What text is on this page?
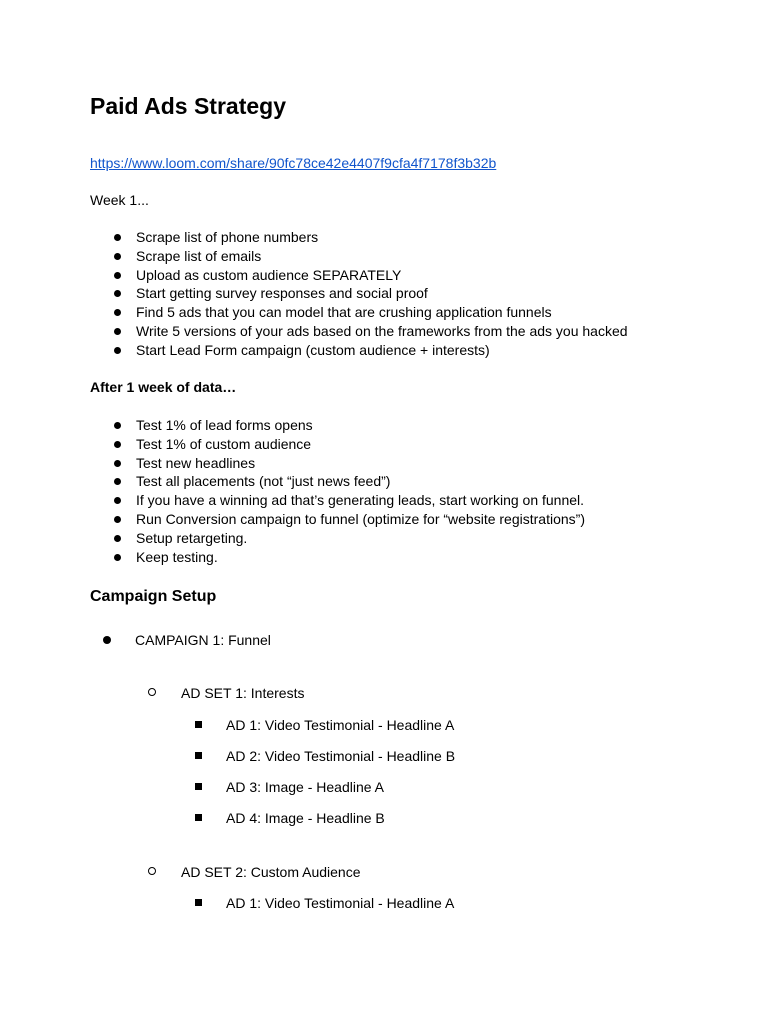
Paid Ads Strategy
https://www.loom.com/share/90fc78ce42e4407f9cfa4f7178f3b32b

Week 1...

Scrape list of phone numbers
Scrape list of emails
Upload as custom audience SEPARATELY
Start getting survey responses and social proof
Find 5 ads that you can model that are crushing application funnels
Write 5 versions of your ads based on the frameworks from the ads you hacked
Start Lead Form campaign (custom audience + interests)

After 1 week of data…

Test 1% of lead forms opens
Test 1% of custom audience
Test new headlines
Test all placements (not “just news feed”)
If you have a winning ad that’s generating leads, start working on funnel.
Run Conversion campaign to funnel (optimize for “website registrations”)
Setup retargeting.
Keep testing.
Campaign Setup
CAMPAIGN 1: Funnel
AD SET 1: Interests
AD 1: Video Testimonial - Headline A
AD 2: Video Testimonial - Headline B
AD 3: Image - Headline A
AD 4: Image - Headline B
AD SET 2: Custom Audience
AD 1: Video Testimonial - Headline A
